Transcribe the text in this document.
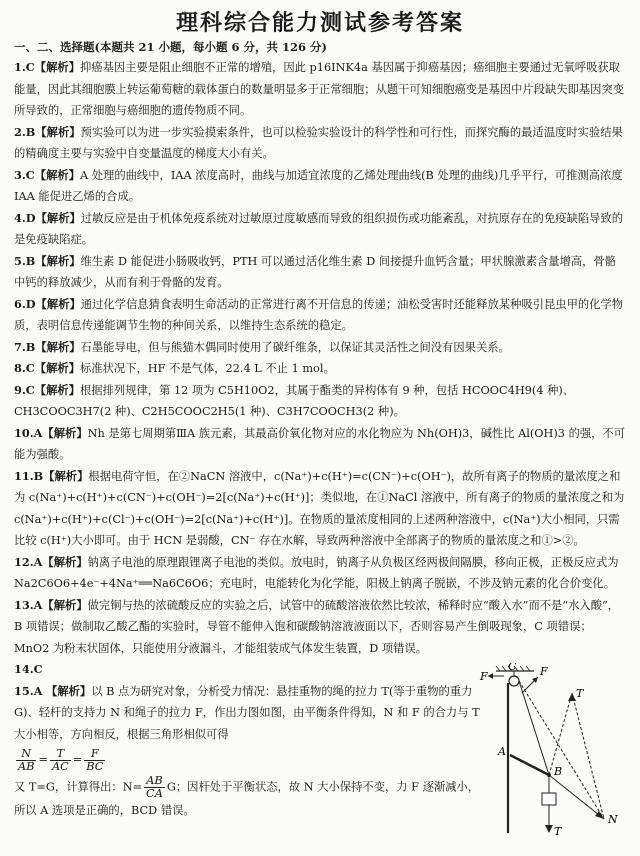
理科综合能力测试参考答案
一、二、选择题(本题共 21 小题，每小题 6 分，共 126 分)

1.C【解析】抑癌基因主要是阻止细胞不正常的增殖，因此 p16INK4a 基因属于抑癌基因；癌细胞主要通过无氧呼吸获取能量，因此其细胞膜上转运葡萄糖的载体蛋白的数量明显多于正常细胞；从题干可知细胞癌变是基因中片段缺失即基因突变所导致的，正常细胞与癌细胞的遗传物质不同。

2.B【解析】预实验可以为进一步实验摸索条件，也可以检验实验设计的科学性和可行性，而探究酶的最适温度时实验结果的精确度主要与实验中自变量温度的梯度大小有关。

3.C【解析】A 处理的曲线中，IAA 浓度高时，曲线与加适宜浓度的乙烯处理曲线(B 处理的曲线)几乎平行，可推测高浓度 IAA 能促进乙烯的合成。

4.D【解析】过敏反应是由于机体免疫系统对过敏原过度敏感而导致的组织损伤或功能紊乱，对抗原存在的免疫缺陷导致的是免疫缺陷症。

5.B【解析】维生素 D 能促进小肠吸收钙，PTH 可以通过活化维生素 D 间接提升血钙含量；甲状腺激素含量增高，骨骼中钙的释放减少，从而有利于骨骼的发育。

6.D【解析】通过化学信息猜食表明生命活动的正常进行离不开信息的传递；油松受害时还能释放某种吸引昆虫甲的化学物质，表明信息传递能调节生物的种间关系，以维持生态系统的稳定。

7.B【解析】石墨能导电，但与熊猫木偶同时使用了碳纤维条，以保证其灵活性之间没有因果关系。

8.C【解析】标准状况下，HF 不是气体，22.4 L 不止 1 mol。

9.C【解析】根据排列规律，第 12 项为 C5H10O2，其属于酯类的异构体有 9 种，包括 HCOOC4H9(4 种)、CH3COOC3H7(2 种)、C2H5COOC2H5(1 种)、C3H7COOCH3(2 种)。

10.A【解析】Nh 是第七周期第ⅢA 族元素，其最高价氧化物对应的水化物应为 Nh(OH)3，碱性比 Al(OH)3 的强，不可能为强酸。

11.B【解析】根据电荷守恒，在②NaCN 溶液中，c(Na⁺)+c(H⁺)=c(CN⁻)+c(OH⁻)，故所有离子的物质的量浓度之和为 c(Na⁺)+c(H⁺)+c(CN⁻)+c(OH⁻)=2[c(Na⁺)+c(H⁺)]；类似地，在①NaCl 溶液中，所有离子的物质的量浓度之和为 c(Na⁺)+c(H⁺)+c(Cl⁻)+c(OH⁻)=2[c(Na⁺)+c(H⁺)]。在物质的量浓度相同的上述两种溶液中，c(Na⁺)大小相同，只需比较 c(H⁺)大小即可。由于 HCN 是弱酸，CN⁻ 存在水解，导致两种溶液中全部离子的物质的量浓度之和①>②。

12.A【解析】钠离子电池的原理跟锂离子电池的类似。放电时，钠离子从负极区经两极间隔膜，移向正极，正极反应式为 Na2C6O6+4e⁻+4Na⁺══Na6C6O6；充电时，电能转化为化学能，阳极上钠离子脱嵌，不涉及钠元素的化合价变化。

13.A【解析】做完铜与热的浓硫酸反应的实验之后，试管中的硫酸溶液依然比较浓，稀释时应“酸入水”而不是“水入酸”，B 项错误；做制取乙酸乙酯的实验时，导管不能伸入饱和碳酸钠溶液液面以下，否则容易产生倒吸现象，C 项错误；MnO2 为粉末状固体，只能使用分液漏斗，才能组装成气体发生装置，D 项错误。

14.C

15.A 【解析】以 B 点为研究对象，分析受力情况：悬挂重物的绳的拉力 T(等于重物的重力 G)、轻杆的支持力 N 和绳子的拉力 F，作出力图如图，由平衡条件得知，N 和 F 的合力与 T 大小相等，方向相反，根据三角形相似可得

$\frac{N}{AB} = \frac{T}{AC} = \frac{F}{BC}$

又 T=G，计算得出：$N= \frac{AB}{CA}$ G；因杆处于平衡状态，故 N 大小保持不变，力 F 逐渐减小，所以 A 选项是正确的，BCD 错误。

F
C F
T
A
B
N
T
